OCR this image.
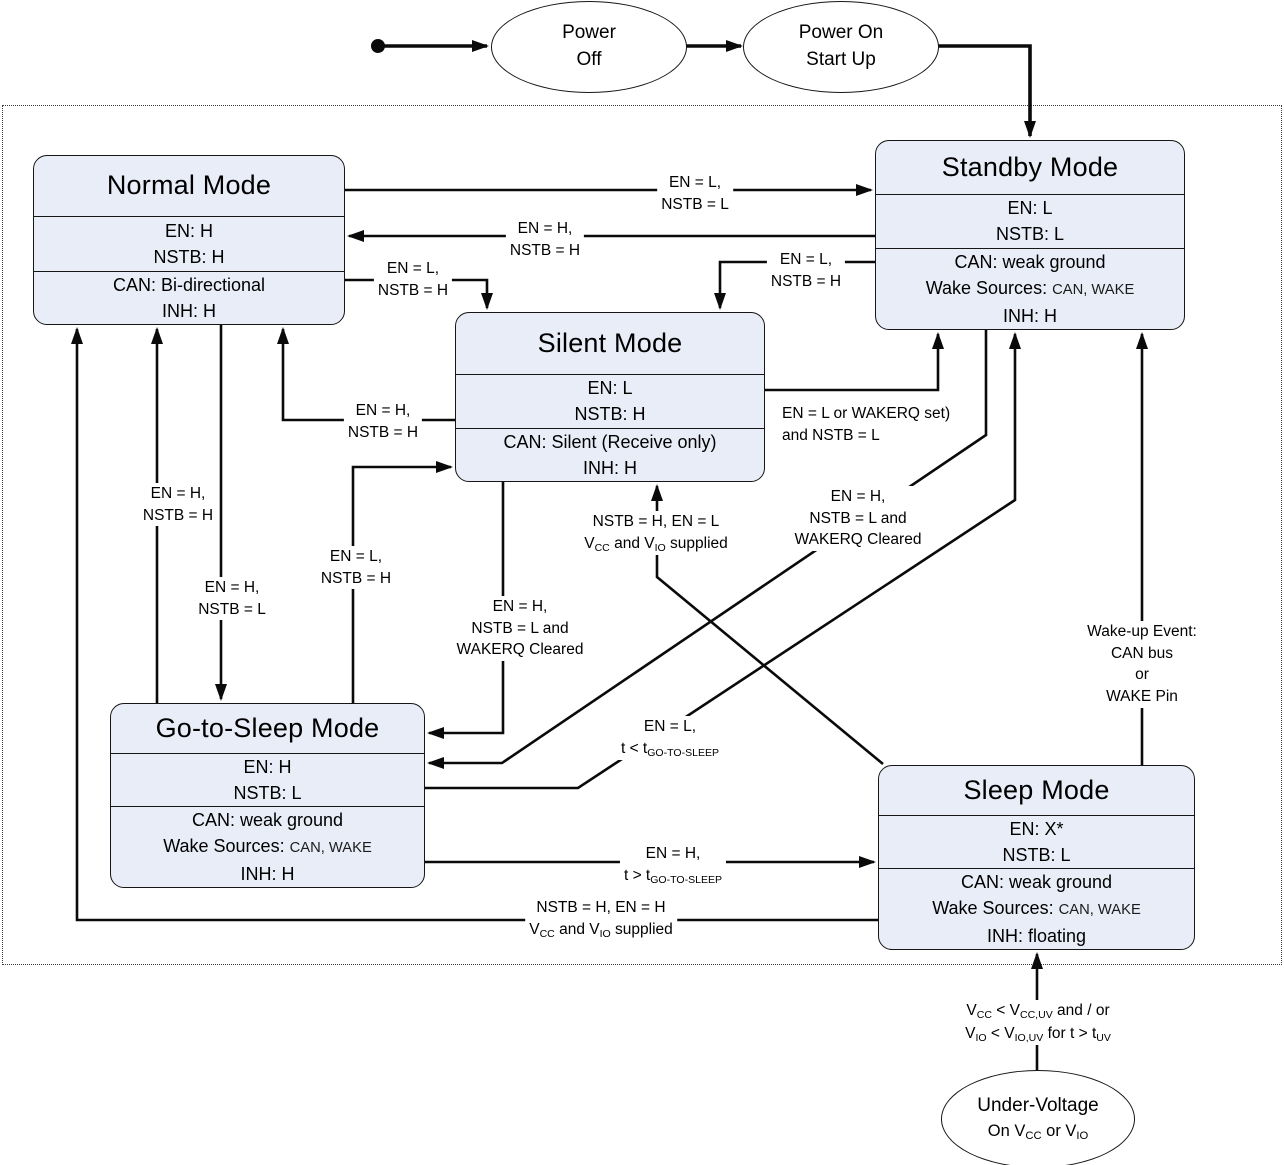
Normal Mode
EN: H
NSTB: H
CAN: Bi-directional
INH: H
Standby Mode
EN: L
NSTB: L
CAN: weak ground
Wake Sources: CAN, WAKE
INH: H
Silent Mode
EN: L
NSTB: H
CAN: Silent (Receive only)
INH: H
Go-to-Sleep Mode
EN: H
NSTB: L
CAN: weak ground
Wake Sources: CAN, WAKE
INH: H
Sleep Mode
EN: X*
NSTB: L
CAN: weak ground
Wake Sources: CAN, WAKE
INH: floating
EN = L,
NSTB = L
EN = H,
NSTB = H
EN = L,
NSTB = H
EN = L,
NSTB = H
EN = H,
NSTB = H
EN = L or WAKERQ set)
and NSTB = L
EN = H,
NSTB = H
EN = H,
NSTB = L
EN = L,
NSTB = H
EN = H,
NSTB = L and
WAKERQ Cleared
EN = H,
NSTB = L and
WAKERQ Cleared
NSTB = H, EN = L
VCC and VIO supplied
EN = L,
t < tGO-TO-SLEEP
EN = H,
t > tGO-TO-SLEEP
NSTB = H, EN = H
VCC and VIO supplied
Wake-up Event:
CAN bus
or
WAKE Pin
VCC < VCC,UV and / or
VIO < VIO,UV for t > tUV
Power
Off
Power On
Start Up
Under-Voltage
On VCC or VIO
